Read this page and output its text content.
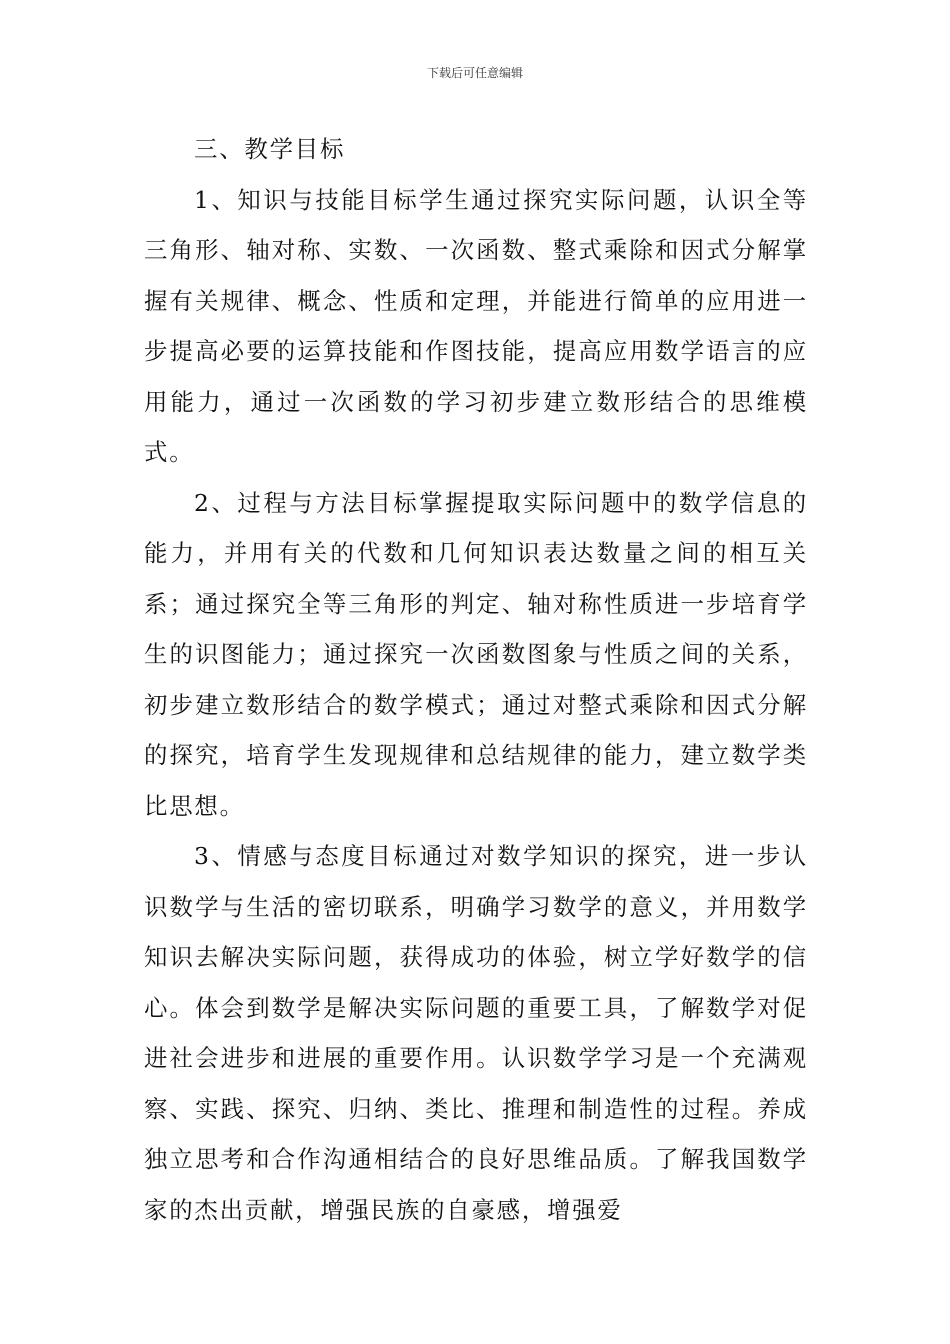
下载后可任意编辑

三、教学目标

1、知识与技能目标学生通过探究实际问题，认识全等三角形、轴对称、实数、一次函数、整式乘除和因式分解掌握有关规律、概念、性质和定理，并能进行简单的应用进一步提高必要的运算技能和作图技能，提高应用数学语言的应用能力，通过一次函数的学习初步建立数形结合的思维模式。

2、过程与方法目标掌握提取实际问题中的数学信息的能力，并用有关的代数和几何知识表达数量之间的相互关系；通过探究全等三角形的判定、轴对称性质进一步培育学生的识图能力；通过探究一次函数图象与性质之间的关系，初步建立数形结合的数学模式；通过对整式乘除和因式分解的探究，培育学生发现规律和总结规律的能力，建立数学类比思想。

3、情感与态度目标通过对数学知识的探究，进一步认识数学与生活的密切联系，明确学习数学的意义，并用数学知识去解决实际问题，获得成功的体验，树立学好数学的信心。体会到数学是解决实际问题的重要工具，了解数学对促进社会进步和进展的重要作用。认识数学学习是一个充满观察、实践、探究、归纳、类比、推理和制造性的过程。养成独立思考和合作沟通相结合的良好思维品质。了解我国数学家的杰出贡献，增强民族的自豪感，增强爱
